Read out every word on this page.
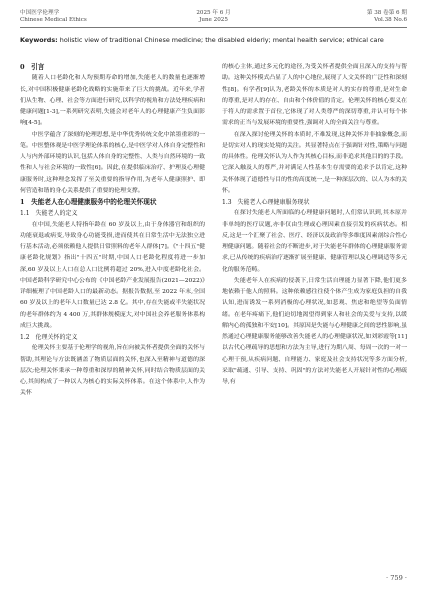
中国医学伦理学
Chinese Medical Ethics
2025 年 6 月
June 2025
第 38 卷第 6 期
Vol.38 No.6
Keywords: holistic view of traditional Chinese medicine; the disabled elderly; mental health service; ethical care
0　引言

随着人口老龄化和人均预期寿命的增加,失能老人的数量也逐渐增长,对中国积极健康老龄化战略的实施带来了巨大的挑战。近年来,学者们从生物、心理、社会等方面进行研究,以科学的视角和方法处理疾病和健康问题[1-3],一系列研究表明,失能会对老年人的心理健康产生负面影响[4-5]。

中医学蕴含了深刻的伦理思想,是中华优秀传统文化中浓墨重彩的一笔。中医整体观是中医学理论体系的核心,是中医学对人体自身完整性和人与内外部环境的认识,包括人体自身的完整性、人类与自然环境的一致性和人与社会环境的一致性[6]。因此,在提供临床治疗、护理及心理健康服务时,这种理念发挥了至关重要的指导作用,为老年人健康照护、即何营造和谐的身心关系提供了重要的伦理支撑。

1　失能老人在心理健康服务中的伦理关怀现状
1.1　失能老人的定义

在中国,失能老人特指年龄在 60 岁及以上,由于身体器官和组织的功能衰退或病变,导致身心功能受损,进而使其在日常生活中无法独立进行基本活动,必须依赖他人提供日常照料的老年人群体[7]。《"十四五"健康老龄化规划》指出"十四五"时期,中国人口老龄化程度将进一步加深,60 岁及以上人口在总人口比例将超过 20%,进入中度老龄化社会。中国老龄科学研究中心公布的《中国老龄产业发展报告(2021—2022)》详细梳理了中国老龄人口的最新动态。据报告数据,至 2022 年末,全国 60 岁及以上的老年人口数量已达 2.8 亿。其中,存在失能或半失能状况的老年群体约为 4 400 万,其群体规模庞大,对中国社会养老服务体系构成巨大挑战。

1.2　伦理关怀的定义

伦理关怀主要基于伦理学的视角,旨在向被关怀者提供全面的关怀与帮助,其理论与方法既涵盖了物质层面的关怀,也深入至精神与道德的深层次;伦理关怀秉承一种尊重和深厚的精神关怀,同时结合物质层面的关心,其间构成了一种以人为核心的实际关怀体系。在这个体系中,人作为关怀

的核心主体,通过多元化的途径,为受关怀者提供全面且深入的支持与帮助。这种关怀模式凸显了人的中心地位,展现了人文关怀的广泛性和深刻性[8]。有学者[9]认为,老龄关怀的本质是对人的实存的尊重,是对生命的尊重,是对人的存在、自由和个体价值的肯定。伦理关怀的核心要义在于将人的需求置于首位,它体现了对人类尊严的深切尊重,并认可每个体需求的正当与发展环境的重要性,强调对人的全面关注与尊重。

在深入探讨伦理关怀的本质时,不难发现,这种关怀并非抽象概念,而是切实对人的现实处境的关注。其显著特点在于强调针对性,策略与问题的具体性。伦理关怀认为人作为其核心目标,而非追求其他目的的手段。它深入触及人的尊严,并对满足人性基本生存需要的追求予以肯定,这种关怀体现了道德性与目的性的高度统一,是一种深层次的、以人为本的关怀。

1.3　失能老人心理健康服务现状

在探讨失能老人所面临的心理健康问题时,人们常认识到,其本原并非单纯的医疗议题,亦非仅由生理或心理因素直接引发的疾病状态。相反,这是一个汇聚了社会、医疗、经济以及政治等多维度因素剖综合性心理健康问题。随着社会的不断进步,对于失能老年群体的心理健康服务需求,已从传统的疾病治疗逐渐扩展至健康、健康管理以及心理调适等多元化的服务范畴。

失能老年人在疾病的侵袭下,日常生活自理能力显著下降,他们更多地依赖于他人的照料。这种依赖感往往使个体产生成为家庭负担的自我认知,进而诱发一系列消极的心理状况,如悲观、焦虑和绝望等负面情绪。在老年疼痛下,他们迫切地渴望得到家人和社会的关爱与支持,以缓解内心的孤独和不安[10]。其原因是失能与心理健康之间的恶性影响,虽然通过心理健康服务能够改善失能老人的心理健康状况,如刘彩霞等[11]以古代心理疏导的思想和方法为主导,进行为期八周、每周一次的一对一心理干预,从疾病问题、自理能力、家庭及社会支持状况等多方面分析,采取"疏通、引导、支持、巩固"的方法对失能老人开展针对性的心理疏导,有

· 759 ·
